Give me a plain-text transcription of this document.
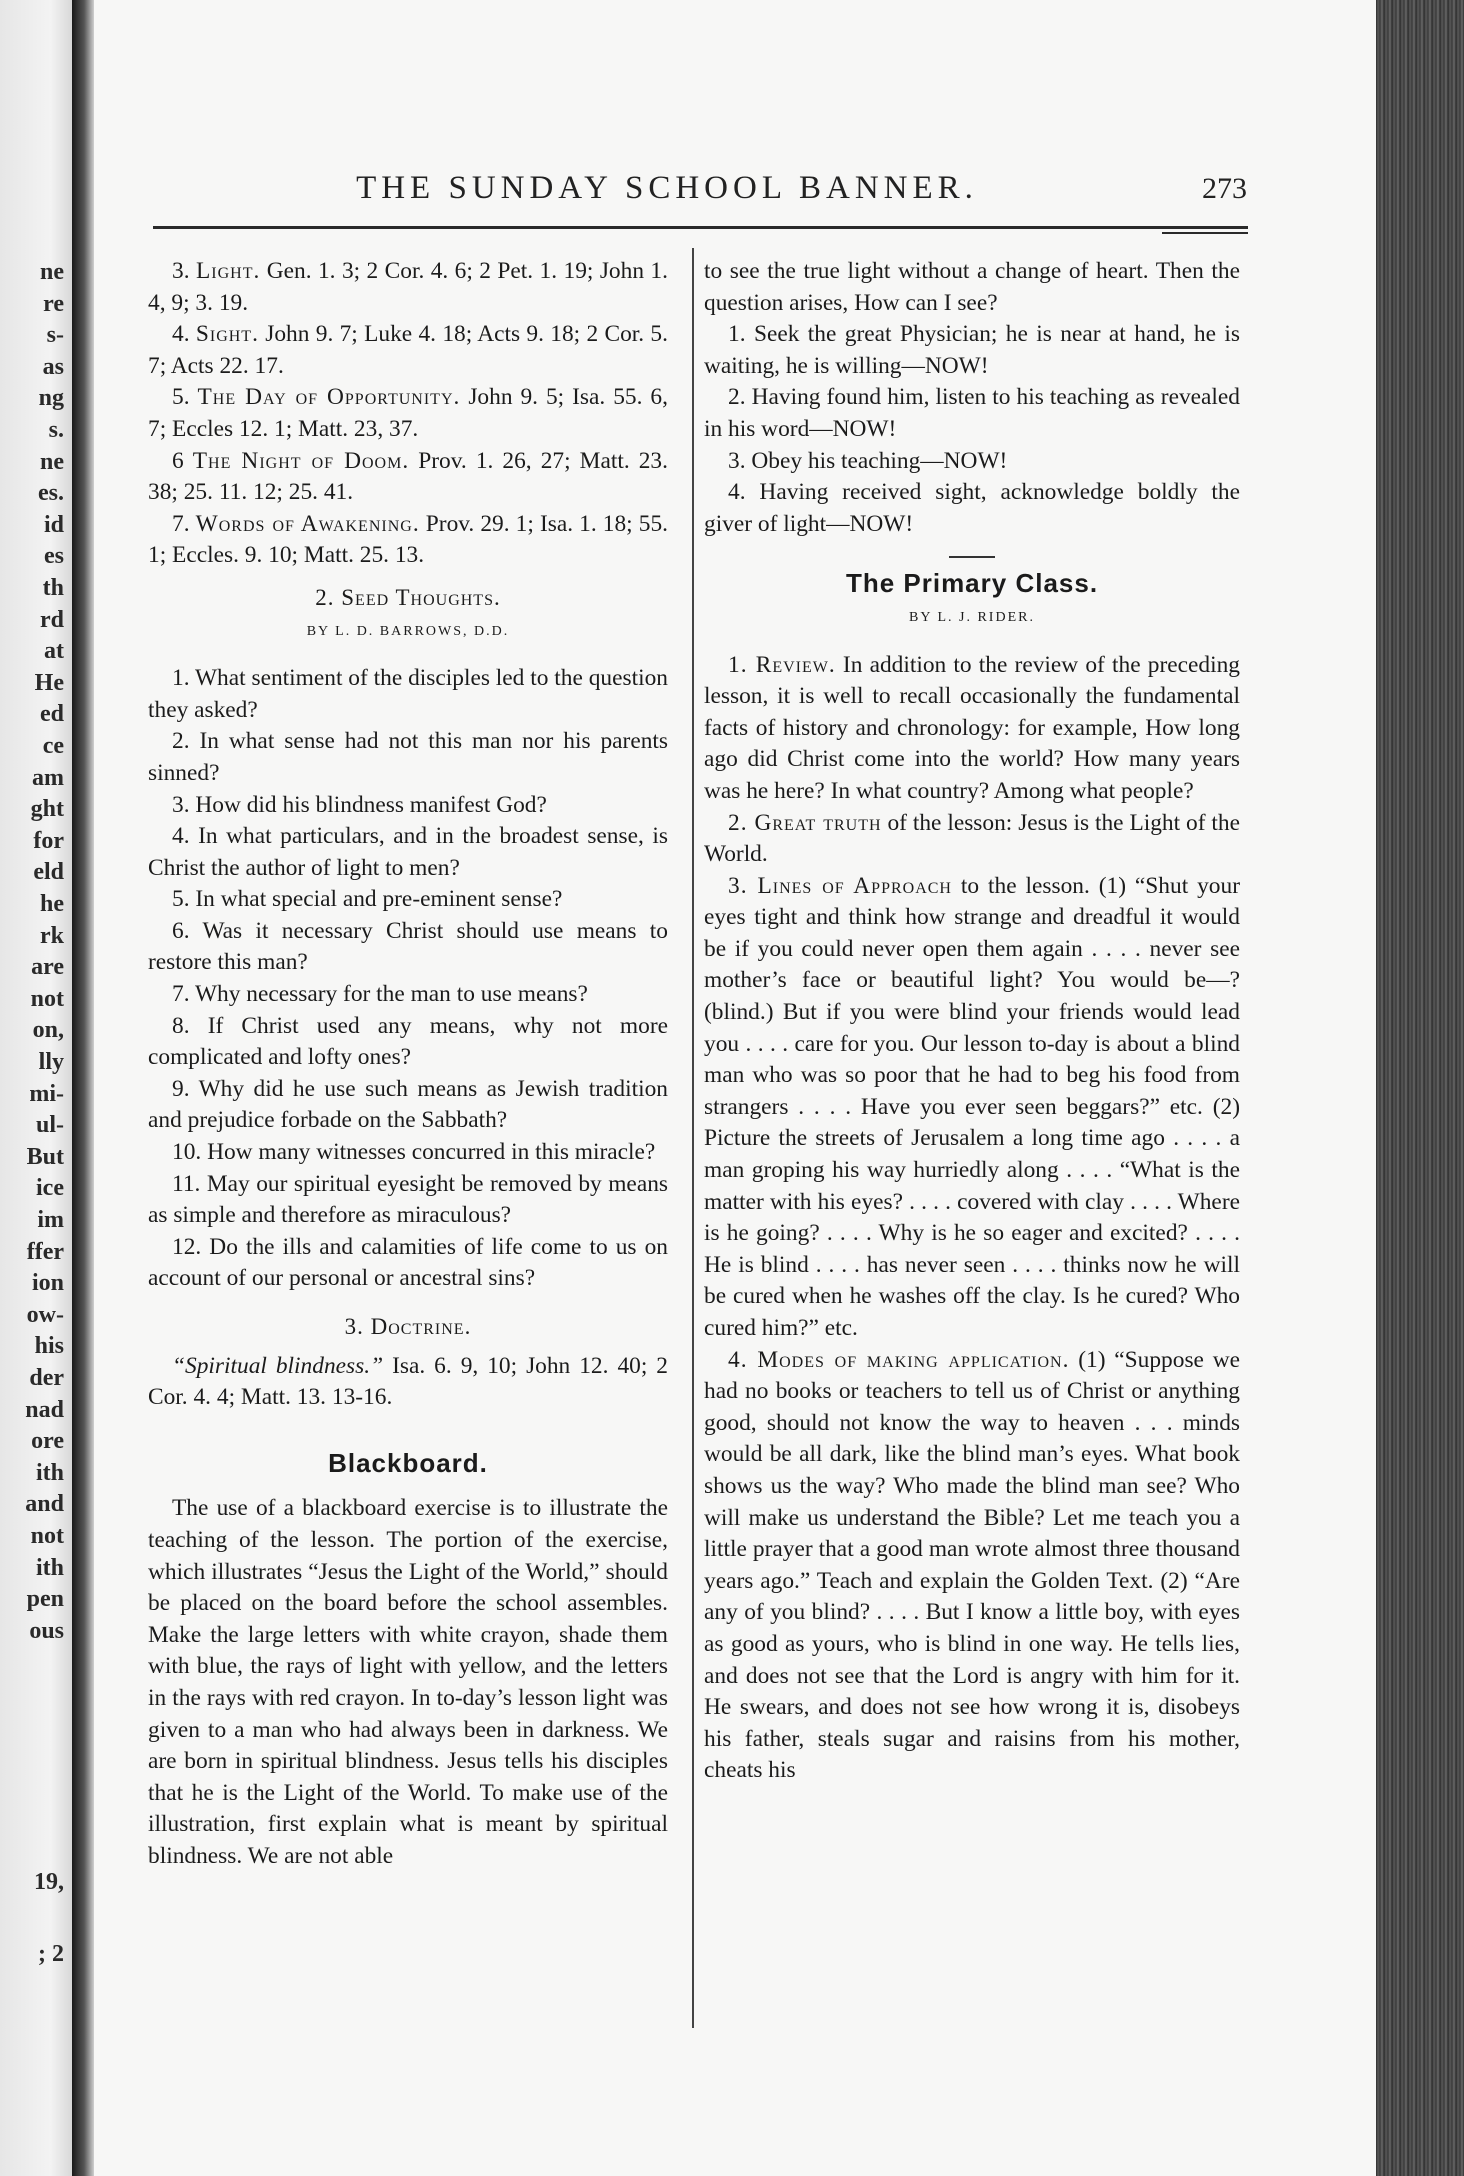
ne
re
s-
as
ng
s.
ne
es.
id
es
th
rd
at
He
ed
ce
am
ght
for
eld
he
rk
are
not
on,
lly
mi-
ul-
But
ice
im
ffer
ion
ow-
his
der
nad
ore
ith
and
not
ith
pen
ous
19,
; 2
THE SUNDAY SCHOOL BANNER.	273

3. Light. Gen. 1. 3; 2 Cor. 4. 6; 2 Pet. 1. 19; John 1. 4, 9; 3. 19.

4. Sight. John 9. 7; Luke 4. 18; Acts 9. 18; 2 Cor. 5. 7; Acts 22. 17.

5. The Day of Opportunity. John 9. 5; Isa. 55. 6, 7; Eccles 12. 1; Matt. 23, 37.

6 The Night of Doom. Prov. 1. 26, 27; Matt. 23. 38; 25. 11. 12; 25. 41.

7. Words of Awakening. Prov. 29. 1; Isa. 1. 18; 55. 1; Eccles. 9. 10; Matt. 25. 13.

2. Seed Thoughts.

BY L. D. BARROWS, D.D.

1. What sentiment of the disciples led to the question they asked?

2. In what sense had not this man nor his parents sinned?

3. How did his blindness manifest God?

4. In what particulars, and in the broadest sense, is Christ the author of light to men?

5. In what special and pre-eminent sense?

6. Was it necessary Christ should use means to restore this man?

7. Why necessary for the man to use means?

8. If Christ used any means, why not more complicated and lofty ones?

9. Why did he use such means as Jewish tradition and prejudice forbade on the Sabbath?

10. How many witnesses concurred in this miracle?

11. May our spiritual eyesight be removed by means as simple and therefore as miraculous?

12. Do the ills and calamities of life come to us on account of our personal or ancestral sins?

3. Doctrine.

“Spiritual blindness.” Isa. 6. 9, 10; John 12. 40; 2 Cor. 4. 4; Matt. 13. 13-16.

Blackboard.

The use of a blackboard exercise is to illustrate the teaching of the lesson. The portion of the exercise, which illustrates “Jesus the Light of the World,” should be placed on the board before the school assembles. Make the large letters with white crayon, shade them with blue, the rays of light with yellow, and the letters in the rays with red crayon. In to-day’s lesson light was given to a man who had always been in darkness. We are born in spiritual blindness. Jesus tells his disciples that he is the Light of the World. To make use of the illustration, first explain what is meant by spiritual blindness. We are not able

to see the true light without a change of heart. Then the question arises, How can I see?

1. Seek the great Physician; he is near at hand, he is waiting, he is willing—NOW!

2. Having found him, listen to his teaching as revealed in his word—NOW!

3. Obey his teaching—NOW!

4. Having received sight, acknowledge boldly the giver of light—NOW!

The Primary Class.

BY L. J. RIDER.

1. Review. In addition to the review of the preceding lesson, it is well to recall occasionally the fundamental facts of history and chronology: for example, How long ago did Christ come into the world? How many years was he here? In what country? Among what people?

2. Great truth of the lesson: Jesus is the Light of the World.

3. Lines of Approach to the lesson. (1) “Shut your eyes tight and think how strange and dreadful it would be if you could never open them again . . . . never see mother’s face or beautiful light? You would be—? (blind.) But if you were blind your friends would lead you . . . . care for you. Our lesson to-day is about a blind man who was so poor that he had to beg his food from strangers . . . . Have you ever seen beggars?” etc. (2) Picture the streets of Jerusalem a long time ago . . . . a man groping his way hurriedly along . . . . “What is the matter with his eyes? . . . . covered with clay . . . . Where is he going? . . . . Why is he so eager and excited? . . . . He is blind . . . . has never seen . . . . thinks now he will be cured when he washes off the clay. Is he cured? Who cured him?” etc.

4. Modes of making application. (1) “Suppose we had no books or teachers to tell us of Christ or anything good, should not know the way to heaven . . . minds would be all dark, like the blind man’s eyes. What book shows us the way? Who made the blind man see? Who will make us understand the Bible? Let me teach you a little prayer that a good man wrote almost three thousand years ago.” Teach and explain the Golden Text. (2) “Are any of you blind? . . . . But I know a little boy, with eyes as good as yours, who is blind in one way. He tells lies, and does not see that the Lord is angry with him for it. He swears, and does not see how wrong it is, disobeys his father, steals sugar and raisins from his mother, cheats his
